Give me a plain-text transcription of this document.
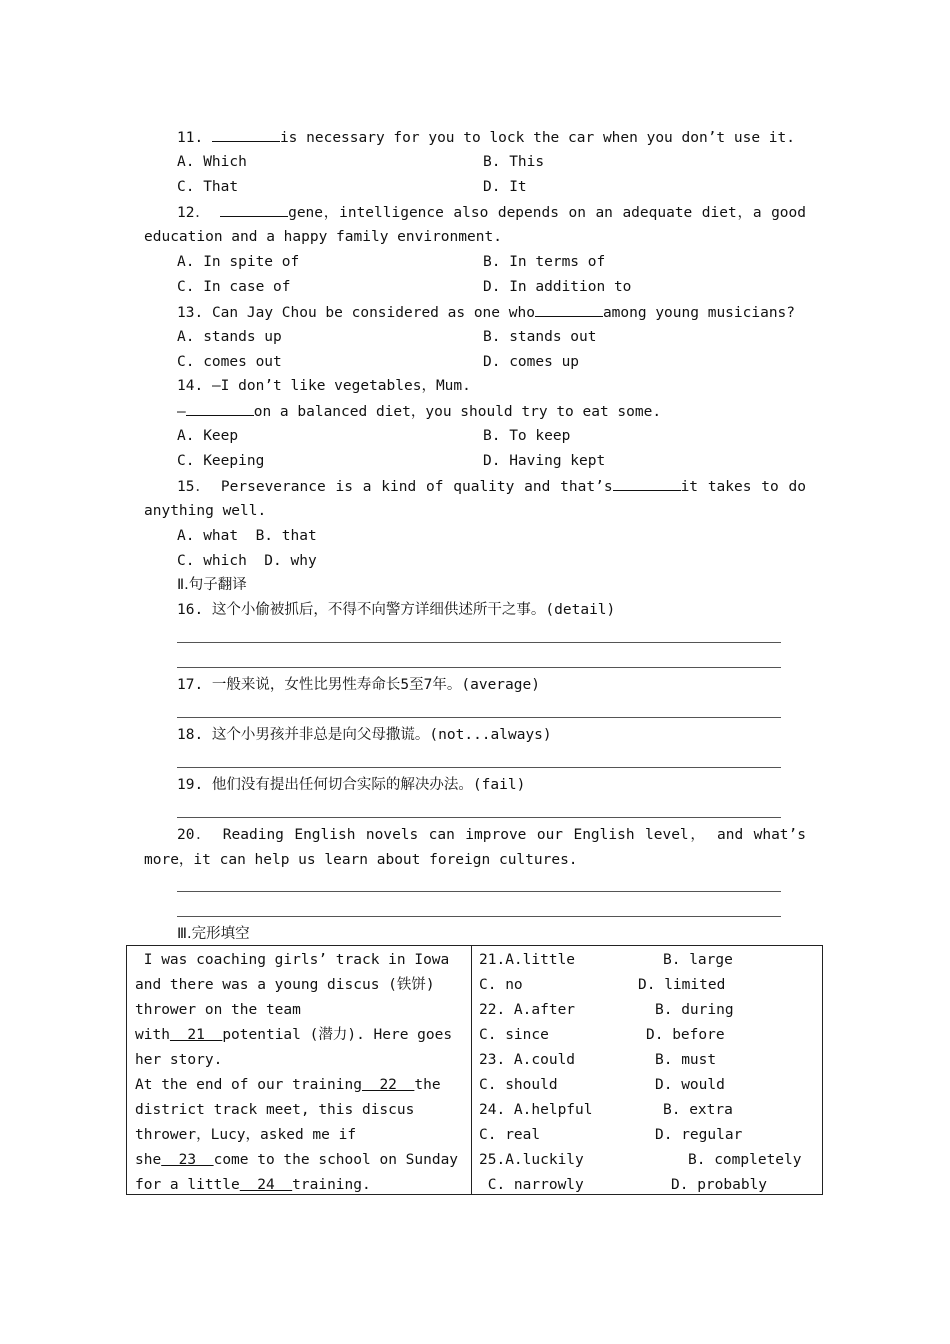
11.	is necessary for you to lock the car when you don’t use it.
A. Which	B. This
C. That	D. It
12．	gene，intelligence also depends on an adequate diet，a good
education and a happy family environment.
A. In spite of	B. In terms of
C. In case of	D. In addition to
13. Can Jay Chou be considered as one who	among young musicians?
A. stands up	B. stands out
C. comes out	D. comes up
14. —I don’t like vegetables，Mum.
—	on a balanced diet，you should try to eat some.
A. Keep	B. To keep
C. Keeping	D. Having kept
15． Perseverance is a kind of quality and that’s	it takes to do
anything well.
A. what  B. that
C. which  D. why
Ⅱ.句子翻译
16. 这个小偷被抓后，不得不向警方详细供述所干之事。(detail)
17. 一般来说，女性比男性寿命长5至7年。(average)
18. 这个小男孩并非总是向父母撒谎。(not...always)
19. 他们没有提出任何切合实际的解决办法。(fail)
20． Reading English novels can improve our English level， and what’s
more，it can help us learn about foreign cultures.
Ⅲ.完形填空
I was coaching girls’ track in Iowa
and there was a young discus (铁饼)
thrower on the team
with  21  potential (潜力). Here goes
her story.
At the end of our training  22  the
district track meet, this discus
thrower，Lucy，asked me if
she  23  come to the school on Sunday
for a little  24  training.
21.A.little	B. large
C. no	D. limited
22. A.after	B. during
C. since	D. before
23. A.could	B. must
C. should	D. would
24. A.helpful	B. extra
C. real	D. regular
25.A.luckily	B. completely
C. narrowly	D. probably
